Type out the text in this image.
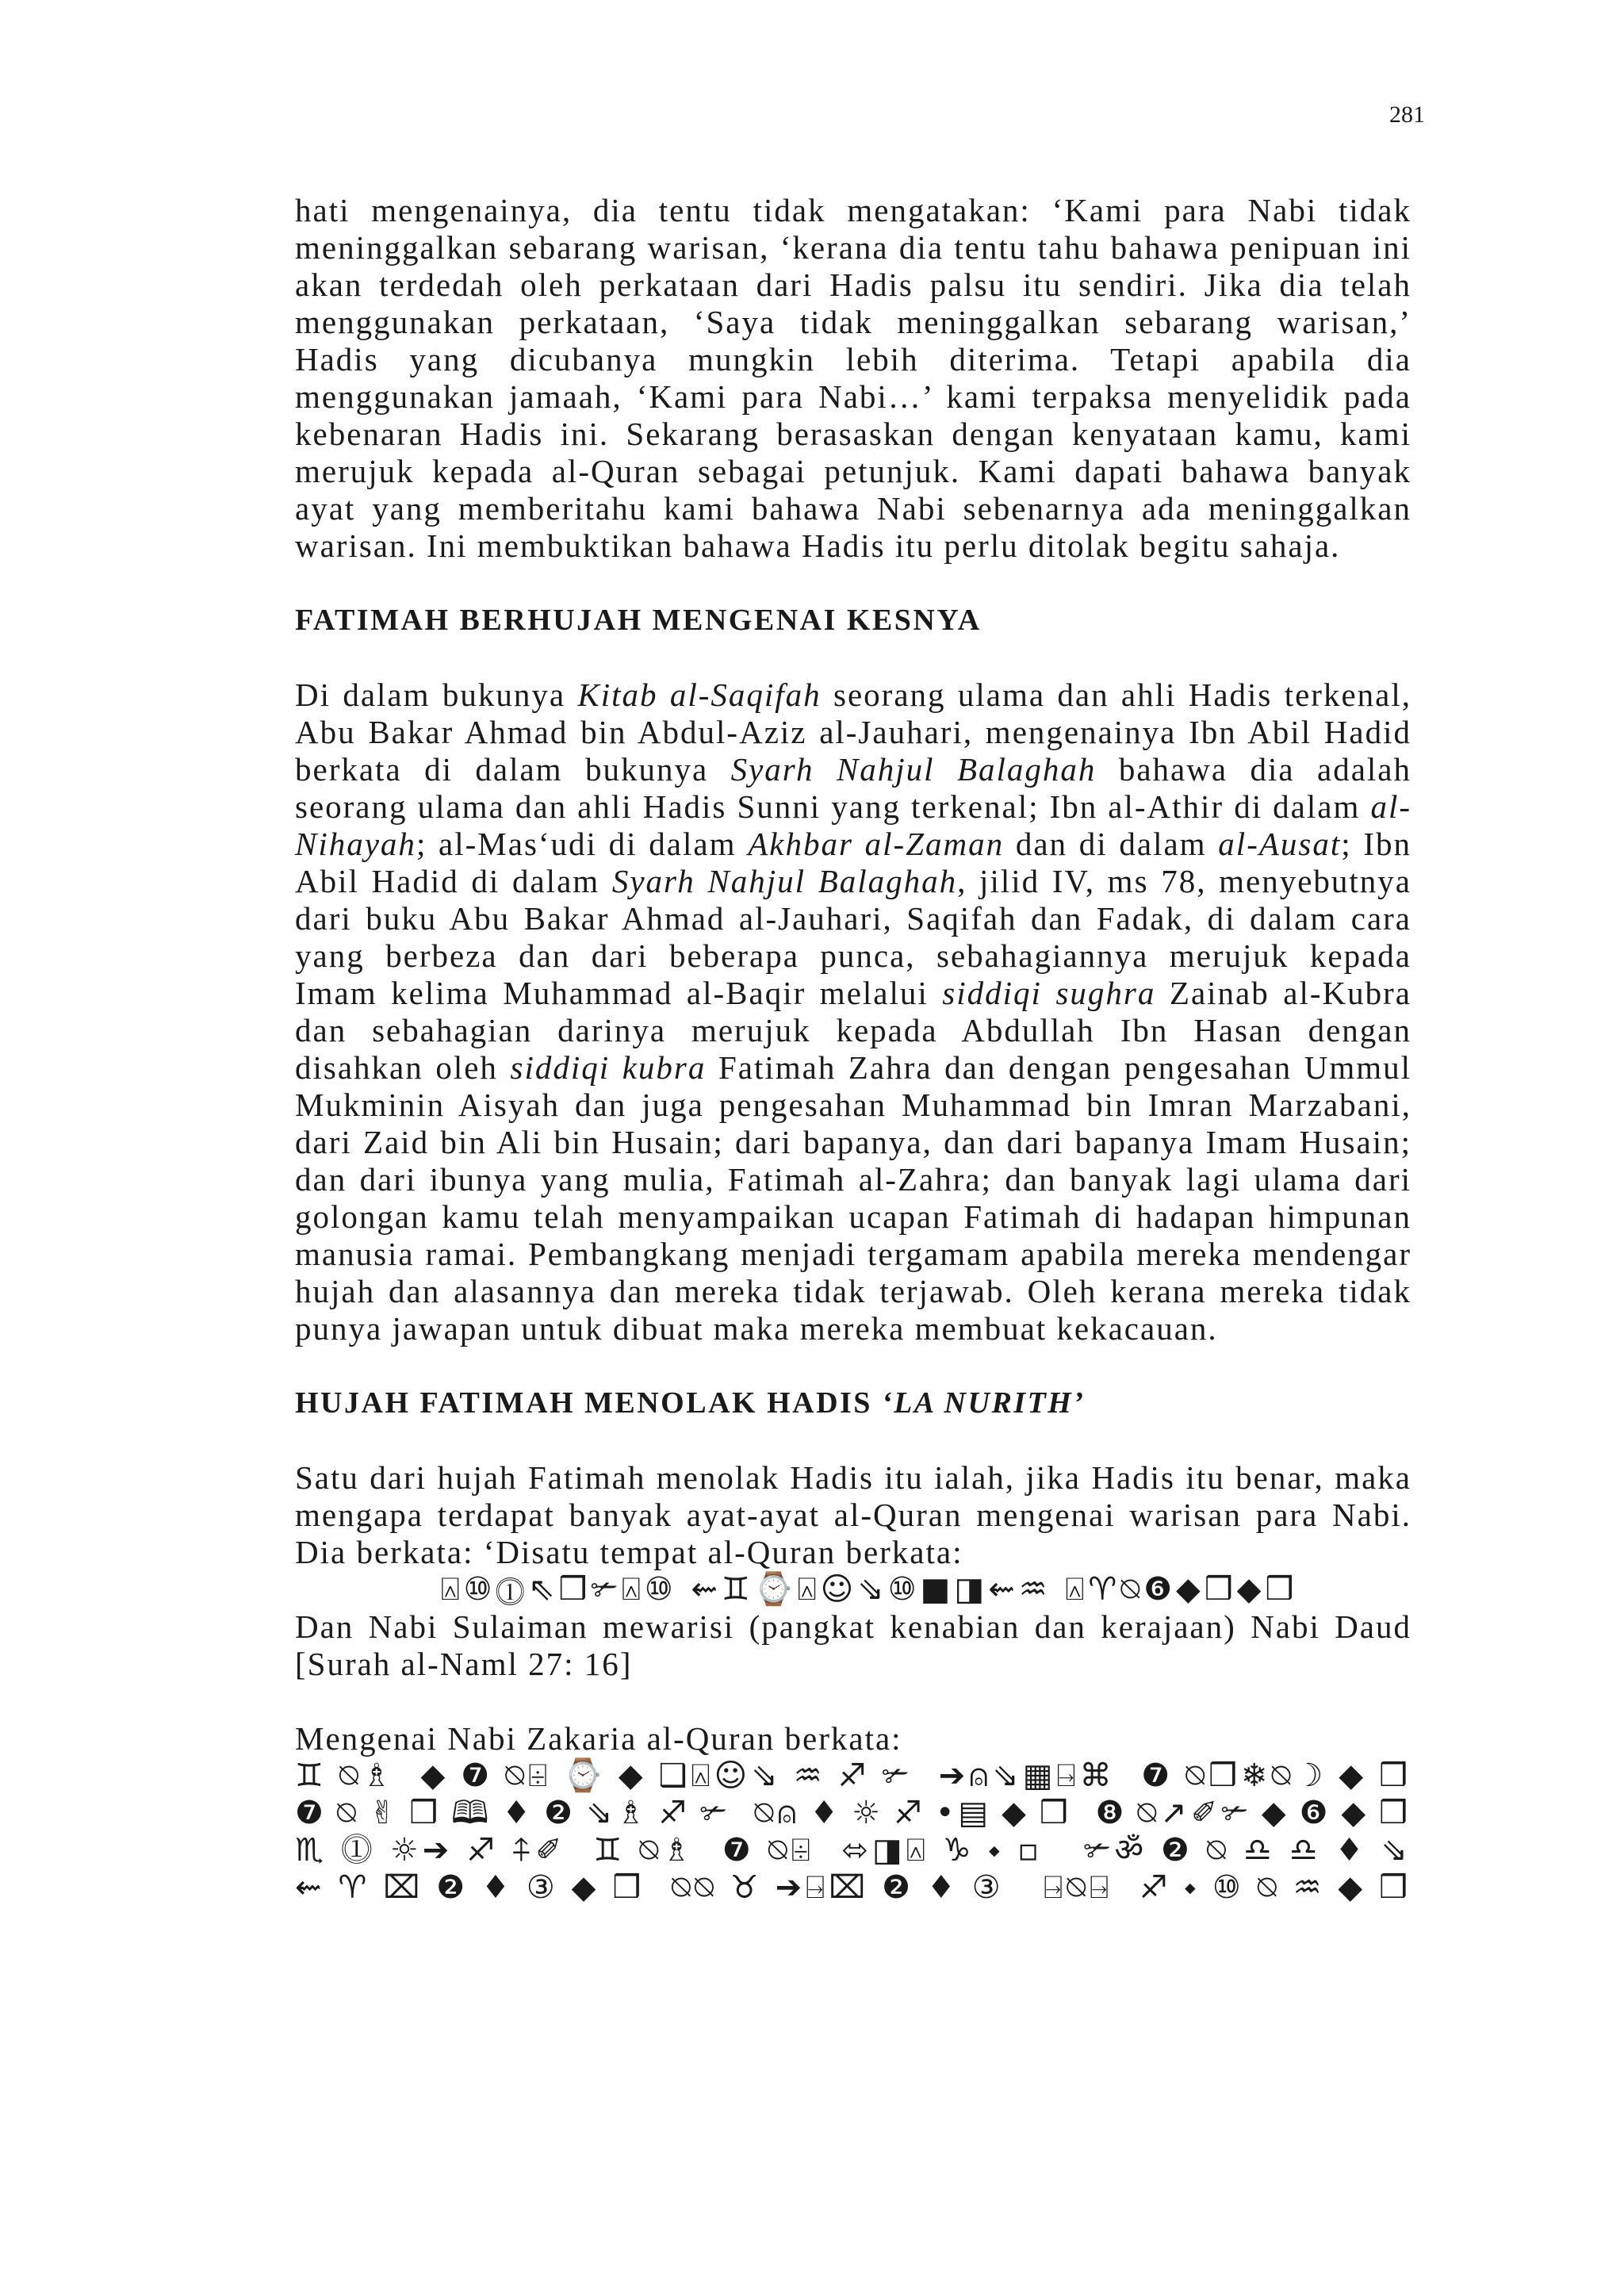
281

hati mengenainya, dia tentu tidak mengatakan: ‘Kami para Nabi tidak meninggalkan sebarang warisan, ‘kerana dia tentu tahu bahawa penipuan ini akan terdedah oleh perkataan dari Hadis palsu itu sendiri. Jika dia telah menggunakan perkataan, ‘Saya tidak meninggalkan sebarang warisan,’ Hadis yang dicubanya mungkin lebih diterima. Tetapi apabila dia menggunakan jamaah, ‘Kami para Nabi…’ kami terpaksa menyelidik pada kebenaran Hadis ini. Sekarang berasaskan dengan kenyataan kamu, kami merujuk kepada al-Quran sebagai petunjuk. Kami dapati bahawa banyak ayat yang memberitahu kami bahawa Nabi sebenarnya ada meninggalkan warisan. Ini membuktikan bahawa Hadis itu perlu ditolak begitu sahaja.

FATIMAH BERHUJAH MENGENAI KESNYA

Di dalam bukunya Kitab al-Saqifah seorang ulama dan ahli Hadis terkenal, Abu Bakar Ahmad bin Abdul-Aziz al-Jauhari, mengenainya Ibn Abil Hadid berkata di dalam bukunya Syarh Nahjul Balaghah bahawa dia adalah seorang ulama dan ahli Hadis Sunni yang terkenal; Ibn al-Athir di dalam al-Nihayah; al-Mas‘udi di dalam Akhbar al-Zaman dan di dalam al-Ausat; Ibn Abil Hadid di dalam Syarh Nahjul Balaghah, jilid IV, ms 78, menyebutnya dari buku Abu Bakar Ahmad al-Jauhari, Saqifah dan Fadak, di dalam cara yang berbeza dan dari beberapa punca, sebahagiannya merujuk kepada Imam kelima Muhammad al-Baqir melalui siddiqi sughra Zainab al-Kubra dan sebahagian darinya merujuk kepada Abdullah Ibn Hasan dengan disahkan oleh siddiqi kubra Fatimah Zahra dan dengan pengesahan Ummul Mukminin Aisyah dan juga pengesahan Muhammad bin Imran Marzabani, dari Zaid bin Ali bin Husain; dari bapanya, dan dari bapanya Imam Husain; dan dari ibunya yang mulia, Fatimah al-Zahra; dan banyak lagi ulama dari golongan kamu telah menyampaikan ucapan Fatimah di hadapan himpunan manusia ramai. Pembangkang menjadi tergamam apabila mereka mendengar hujah dan alasannya dan mereka tidak terjawab. Oleh kerana mereka tidak punya jawapan untuk dibuat maka mereka membuat kekacauan.

HUJAH FATIMAH MENOLAK HADIS ‘LA NURITH’

Satu dari hujah Fatimah menolak Hadis itu ialah, jika Hadis itu benar, maka mengapa terdapat banyak ayat-ayat al-Quran mengenai warisan para Nabi. Dia berkata: ‘Disatu tempat al-Quran berkata:

⍓⑩⓵⇖❒✃⍓⑩ ⇜♊⌚⍓☺⇘⑩■◨⇜♒ ⍓♈⍉❻◆❒◆❒

Dan Nabi Sulaiman mewarisi (pangkat kenabian dan kerajaan) Nabi Daud [Surah al-Naml 27: 16]

Mengenai Nabi Zakaria al-Quran berkata:

♊⍉♗ ◆❼⍉⌹⌚◆❑⍓☺⇘♒♐✃ ➔⍝⇘▦⍈⌘ ❼⍉❒❄⍉☽◆❒
❼⍉✌❒🕮♦❷⇘♗♐✃ ⍉⍝♦☼♐•▤◆❒ ❽⍉↗✐✃◆❻◆❒
♏⓵☼➔♐⍏✐ ♊⍉♗ ❼⍉⌹ ⬄◨⍓♑⬩▫ ✃ॐ❷⍉♎♎♦⇘
⇜♈⌧❷♦③◆❒ ⍉⍉♉➔⍈⌧❷♦③ ⍈⍉⍈ ♐⬩⑩⍉♒◆❒
